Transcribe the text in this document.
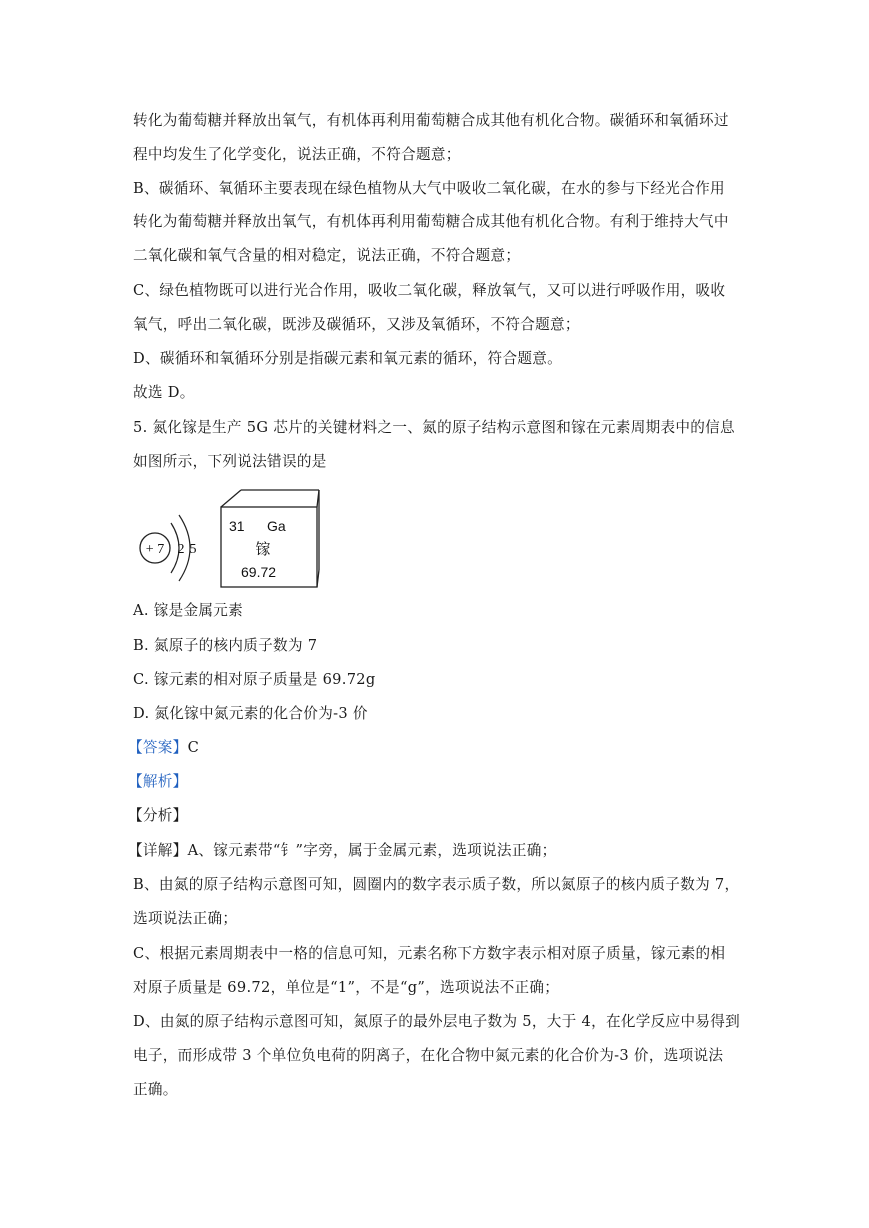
转化为葡萄糖并释放出氧气，有机体再利用葡萄糖合成其他有机化合物。碳循环和氧循环过
程中均发生了化学变化，说法正确，不符合题意；
B、碳循环、氧循环主要表现在绿色植物从大气中吸收二氧化碳，在水的参与下经光合作用
转化为葡萄糖并释放出氧气，有机体再利用葡萄糖合成其他有机化合物。有利于维持大气中
二氧化碳和氧气含量的相对稳定，说法正确，不符合题意；
C、绿色植物既可以进行光合作用，吸收二氧化碳，释放氧气，又可以进行呼吸作用，吸收
氧气，呼出二氧化碳，既涉及碳循环，又涉及氧循环，不符合题意；
D、碳循环和氧循环分别是指碳元素和氧元素的循环，符合题意。
故选 D。
5. 氮化镓是生产 5G 芯片的关键材料之一、氮的原子结构示意图和镓在元素周期表中的信息
如图所示，下列说法错误的是
+ 7 2 5
31 Ga
镓
69.72
A. 镓是金属元素
B. 氮原子的核内质子数为 7
C. 镓元素的相对原子质量是 69.72g
D. 氮化镓中氮元素的化合价为-3 价
【答案】C
【解析】
【分析】
【详解】A、镓元素带“钅”字旁，属于金属元素，选项说法正确；
B、由氮的原子结构示意图可知，圆圈内的数字表示质子数，所以氮原子的核内质子数为 7，
选项说法正确；
C、根据元素周期表中一格的信息可知，元素名称下方数字表示相对原子质量，镓元素的相
对原子质量是 69.72，单位是“1”，不是“g”，选项说法不正确；
D、由氮的原子结构示意图可知，氮原子的最外层电子数为 5，大于 4，在化学反应中易得到
电子，而形成带 3 个单位负电荷的阴离子，在化合物中氮元素的化合价为-3 价，选项说法
正确。
